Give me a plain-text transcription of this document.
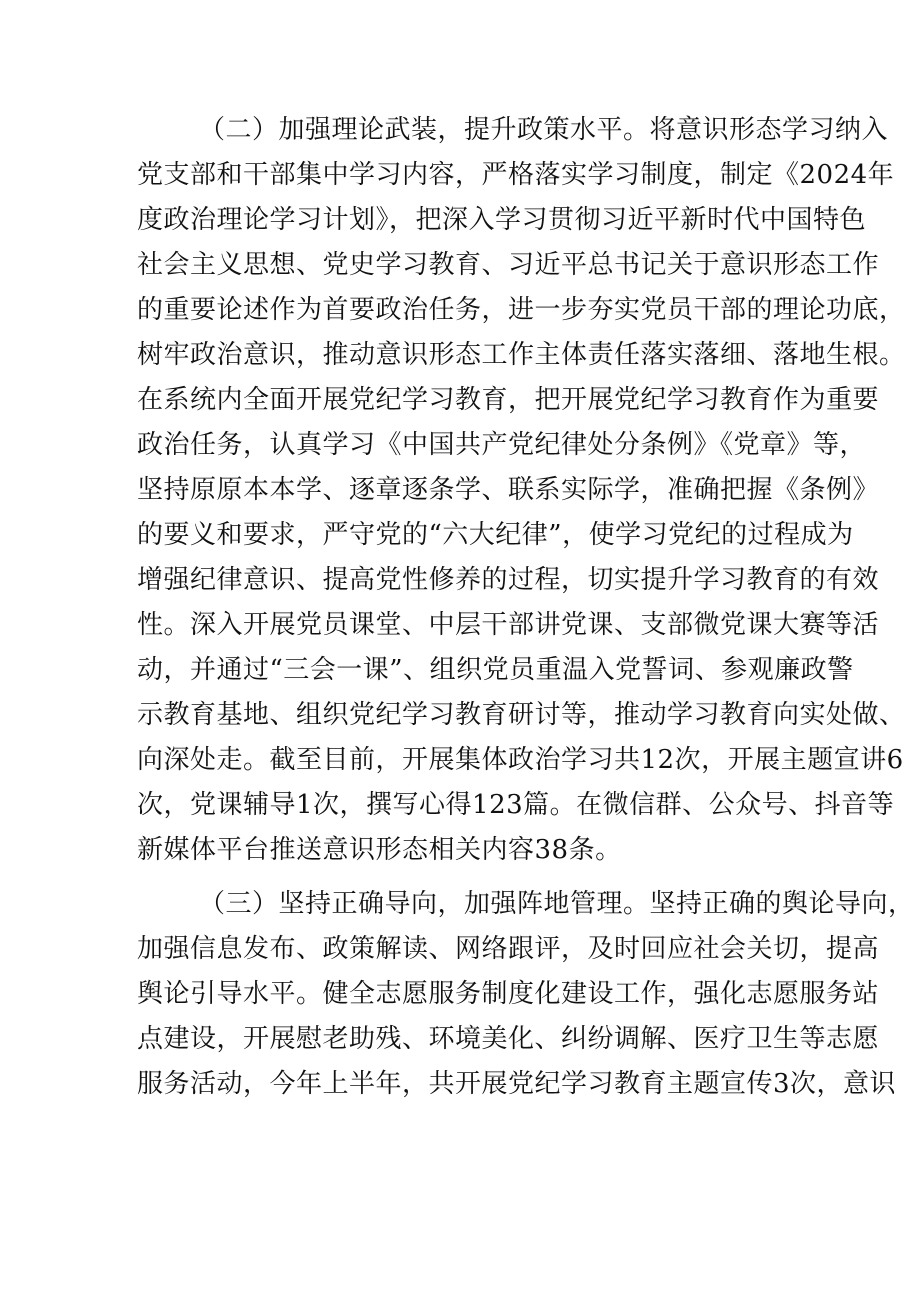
（二）加强理论武装，提升政策水平。将意识形态学习纳入
党支部和干部集中学习内容，严格落实学习制度，制定《2024年
度政治理论学习计划》，把深入学习贯彻习近平新时代中国特色
社会主义思想、党史学习教育、习近平总书记关于意识形态工作
的重要论述作为首要政治任务，进一步夯实党员干部的理论功底，
树牢政治意识，推动意识形态工作主体责任落实落细、落地生根。
在系统内全面开展党纪学习教育，把开展党纪学习教育作为重要
政治任务，认真学习《中国共产党纪律处分条例》《党章》等，
坚持原原本本学、逐章逐条学、联系实际学，准确把握《条例》
的要义和要求，严守党的“六大纪律”，使学习党纪的过程成为
增强纪律意识、提高党性修养的过程，切实提升学习教育的有效
性。深入开展党员课堂、中层干部讲党课、支部微党课大赛等活
动，并通过“三会一课”、组织党员重温入党誓词、参观廉政警
示教育基地、组织党纪学习教育研讨等，推动学习教育向实处做、
向深处走。截至目前，开展集体政治学习共12次，开展主题宣讲6
次，党课辅导1次，撰写心得123篇。在微信群、公众号、抖音等
新媒体平台推送意识形态相关内容38条。
（三）坚持正确导向，加强阵地管理。坚持正确的舆论导向，
加强信息发布、政策解读、网络跟评，及时回应社会关切，提高
舆论引导水平。健全志愿服务制度化建设工作，强化志愿服务站
点建设，开展慰老助残、环境美化、纠纷调解、医疗卫生等志愿
服务活动，今年上半年，共开展党纪学习教育主题宣传3次，意识
